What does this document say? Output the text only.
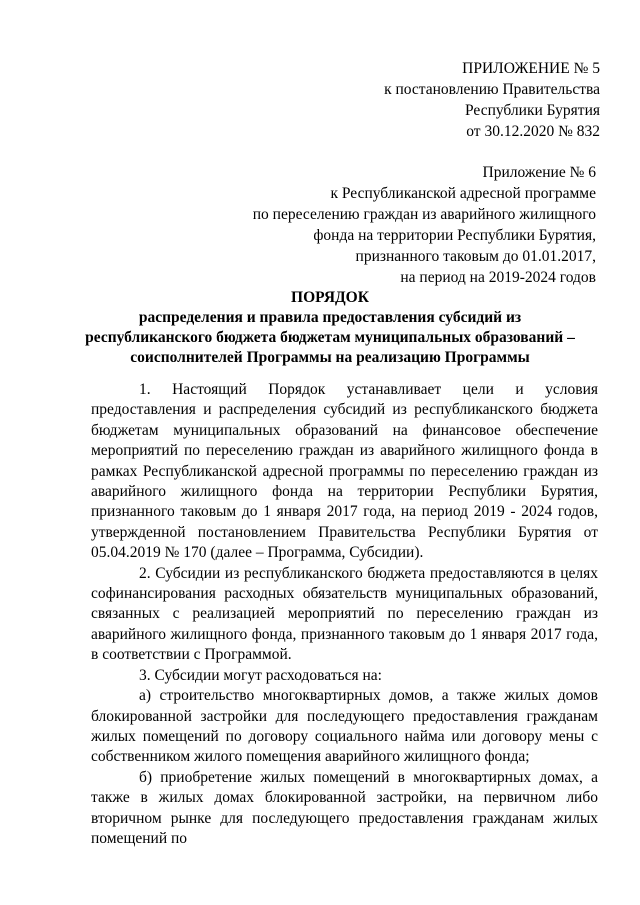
ПРИЛОЖЕНИЕ № 5
к постановлению Правительства
Республики Бурятия
от 30.12.2020 № 832
Приложение № 6
к Республиканской адресной программе
по переселению граждан из аварийного жилищного
фонда на территории Республики Бурятия,
признанного таковым до 01.01.2017,
на период на 2019-2024 годов
ПОРЯДОК
распределения и правила предоставления субсидий из
республиканского бюджета бюджетам муниципальных образований –
соисполнителей Программы на реализацию Программы

1. Настоящий Порядок устанавливает цели и условия предоставления и распределения субсидий из республиканского бюджета бюджетам муниципальных образований на финансовое обеспечение мероприятий по переселению граждан из аварийного жилищного фонда в рамках Республиканской адресной программы по переселению граждан из аварийного жилищного фонда на территории Республики Бурятия, признанного таковым до 1 января 2017 года, на период 2019 - 2024 годов, утвержденной постановлением Правительства Республики Бурятия от 05.04.2019 № 170 (далее – Программа, Субсидии).

2. Субсидии из республиканского бюджета предоставляются в целях софинансирования расходных обязательств муниципальных образований, связанных с реализацией мероприятий по переселению граждан из аварийного жилищного фонда, признанного таковым до 1 января 2017 года, в соответствии с Программой.

3. Субсидии могут расходоваться на:

а) строительство многоквартирных домов, а также жилых домов блокированной застройки для последующего предоставления гражданам жилых помещений по договору социального найма или договору мены с собственником жилого помещения аварийного жилищного фонда;

б) приобретение жилых помещений в многоквартирных домах, а также в жилых домах блокированной застройки, на первичном либо вторичном рынке для последующего предоставления гражданам жилых помещений по
